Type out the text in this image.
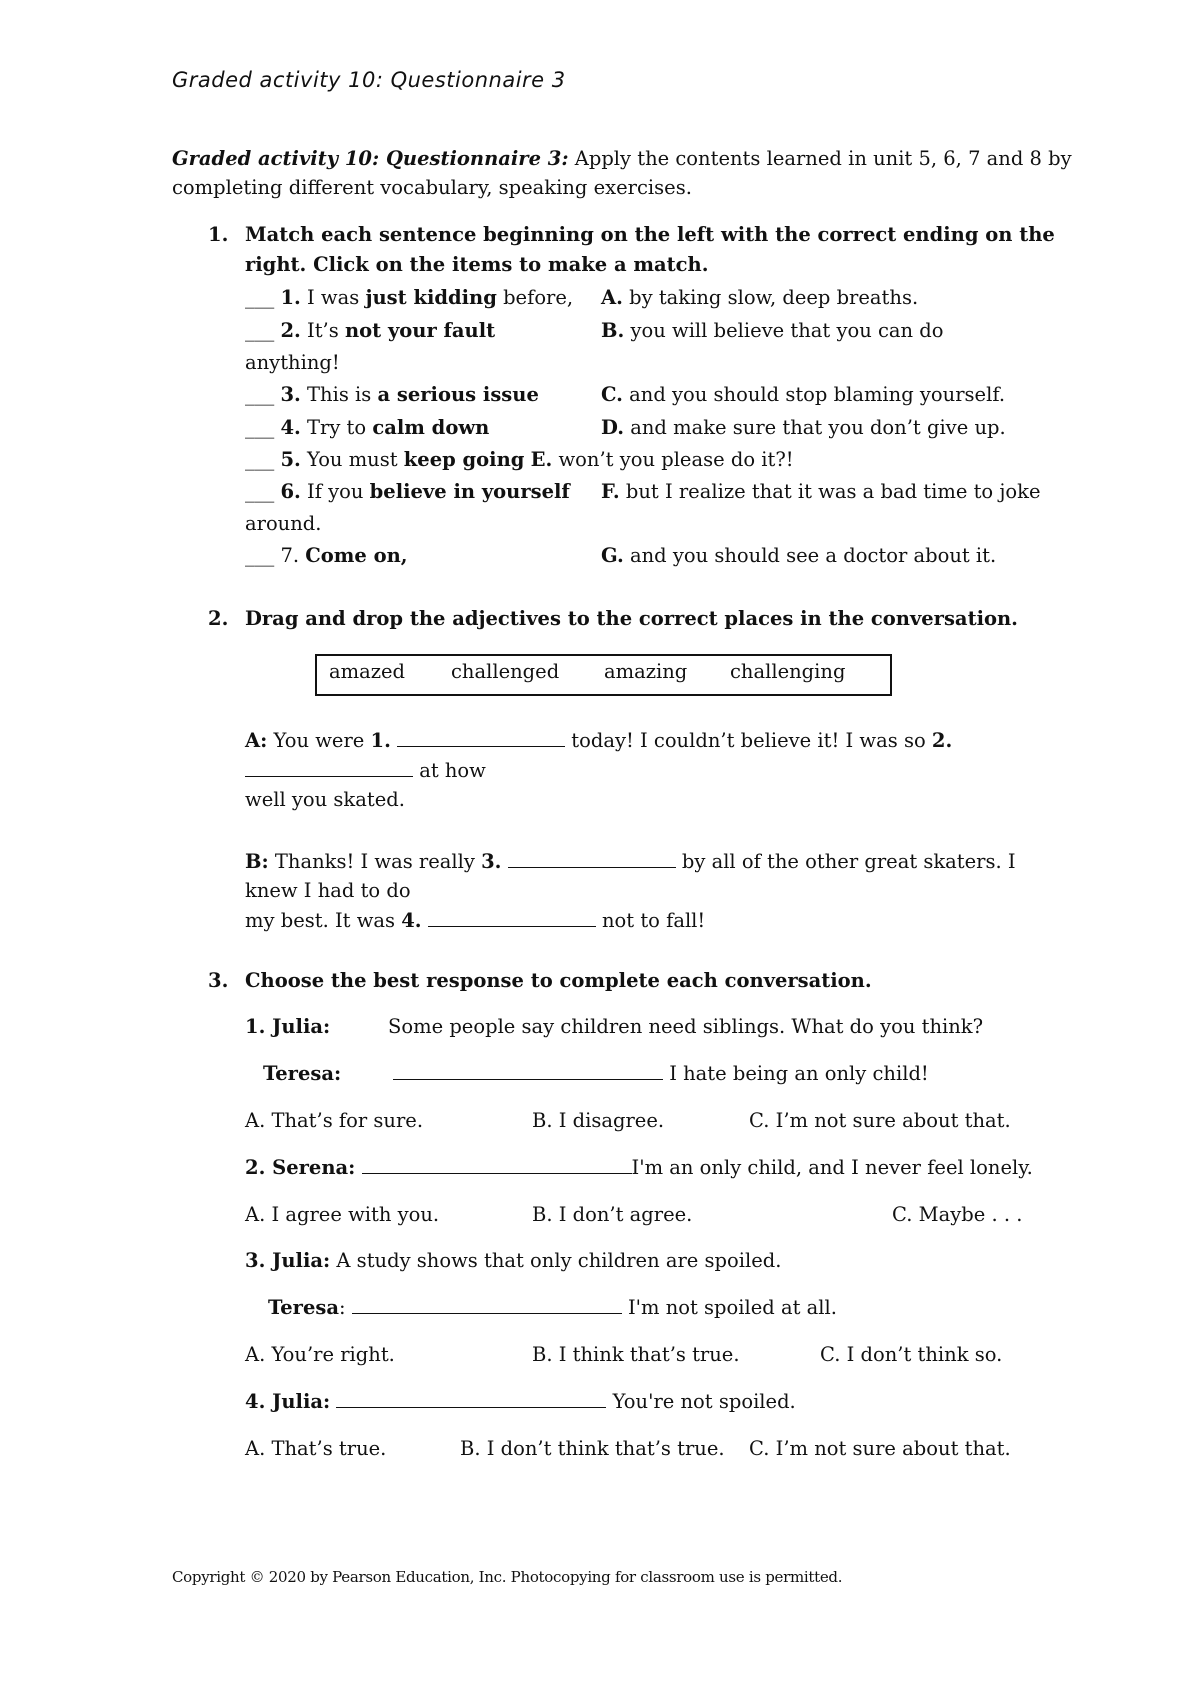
Graded activity 10: Questionnaire 3
Graded activity 10: Questionnaire 3: Apply the contents learned in unit 5, 6, 7 and 8 by
completing different vocabulary, speaking exercises.
1. Match each sentence beginning on the left with the correct ending on the
right. Click on the items to make a match.
___ 1. I was just kidding before, A. by taking slow, deep breaths.
___ 2. It’s not your fault	B. you will believe that you can do
anything!
___ 3. This is a serious issue	C. and you should stop blaming yourself.
___ 4. Try to calm down	D. and make sure that you don’t give up.
___ 5. You must keep going E. won’t you please do it?!
___ 6. If you believe in yourself F. but I realize that it was a bad time to joke
around.
___ 7. Come on,	G. and you should see a doctor about it.
2. Drag and drop the adjectives to the correct places in the conversation.
amazed challenged amazing challenging
A: You were 1.	today! I couldn’t believe it! I was so 2.
at how
well you skated.
B: Thanks! I was really 3.	by all of the other great skaters. I
knew I had to do
my best. It was 4.	not to fall!
3. Choose the best response to complete each conversation.
1. Julia:	Some people say children need siblings. What do you think?
Teresa:	I hate being an only child!
A. That’s for sure.	B. I disagree.	C. I’m not sure about that.
2. Serena:	I'm an only child, and I never feel lonely.
A. I agree with you.	B. I don’t agree.	C. Maybe . . .
3. Julia: A study shows that only children are spoiled.
Teresa:	I'm not spoiled at all.
A. You’re right.	B. I think that’s true.	C. I don’t think so.
4. Julia:	You're not spoiled.
A. That’s true.	B. I don’t think that’s true. C. I’m not sure about that.
Copyright © 2020 by Pearson Education, Inc. Photocopying for classroom use is permitted.
